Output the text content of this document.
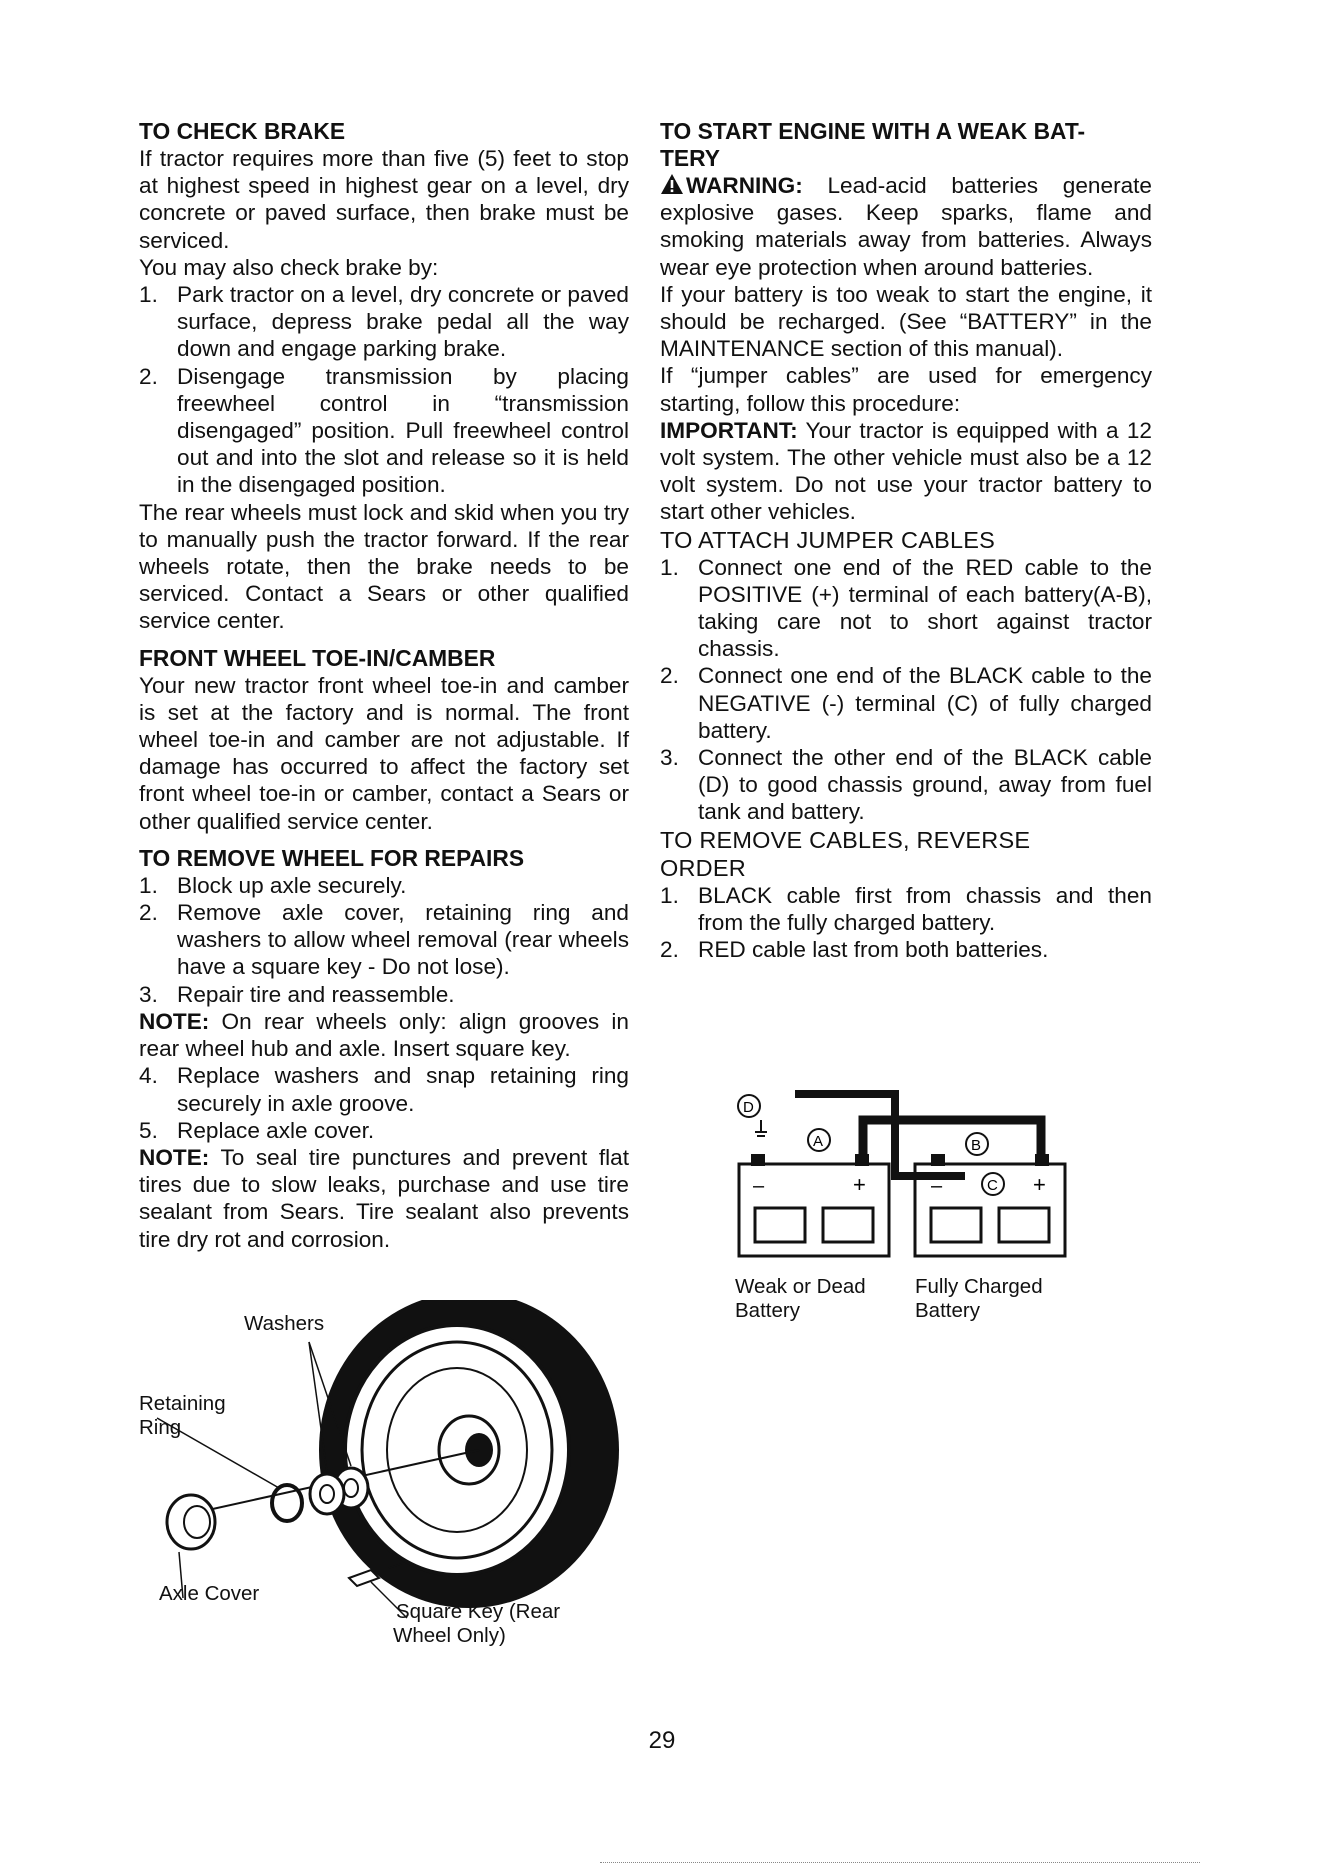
TO CHECK BRAKE

If tractor requires more than five (5) feet to stop at highest speed in highest gear on a level, dry concrete or paved surface, then brake must be serviced.

You may also check brake by:

1. Park tractor on a level, dry concrete or paved surface, depress brake pedal all the way down and engage parking brake.
2. Disengage transmission by placing freewheel control in “transmission disengaged” position. Pull freewheel control out and into the slot and release so it is held in the disengaged position.

The rear wheels must lock and skid when you try to manually push the tractor forward. If the rear wheels rotate, then the brake needs to be serviced. Contact a Sears or other qualified service center.

FRONT WHEEL TOE-IN/CAMBER

Your new tractor front wheel toe-in and camber is set at the factory and is normal. The front wheel toe-in and camber are not adjustable. If damage has occurred to affect the factory set front wheel toe-in or camber, contact a Sears or other qualified service center.

TO REMOVE WHEEL FOR REPAIRS
1. Block up axle securely.
2. Remove axle cover, retaining ring and washers to allow wheel removal (rear wheels have a square key - Do not lose).
3. Repair tire and reassemble.

NOTE: On rear wheels only: align grooves in rear wheel hub and axle. Insert square key.

4. Replace washers and snap retaining ring securely in axle groove.
5. Replace axle cover.

NOTE: To seal tire punctures and prevent flat tires due to slow leaks, purchase and use tire sealant from Sears. Tire sealant also prevents tire dry rot and corrosion.

Washers
Retaining
Ring
Axle Cover
Square Key (Rear
Wheel Only)
TO START ENGINE WITH A WEAK BAT-
TERY

WARNING: Lead-acid batteries generate explosive gases. Keep sparks, flame and smoking materials away from batteries. Always wear eye protection when around batteries.

If your battery is too weak to start the engine, it should be recharged. (See “BATTERY” in the MAINTENANCE section of this manual).

If “jumper cables” are used for emergency starting, follow this procedure:

IMPORTANT: Your tractor is equipped with a 12 volt system. The other vehicle must also be a 12 volt system. Do not use your tractor battery to start other vehicles.

TO ATTACH JUMPER CABLES
1. Connect one end of the RED cable to the POSITIVE (+) terminal of each battery(A-B), taking care not to short against tractor chassis.
2. Connect one end of the BLACK cable to the NEGATIVE (-) terminal (C) of fully charged battery.
3. Connect the other end of the BLACK cable (D) to good chassis ground, away from fuel tank and battery.
TO REMOVE CABLES, REVERSE
ORDER
1. BLACK cable first from chassis and then from the fully charged battery.
2. RED cable last from both batteries.
–	+	–	+
D
A	B
C
Weak or Dead
Battery
Fully Charged
Battery
29
